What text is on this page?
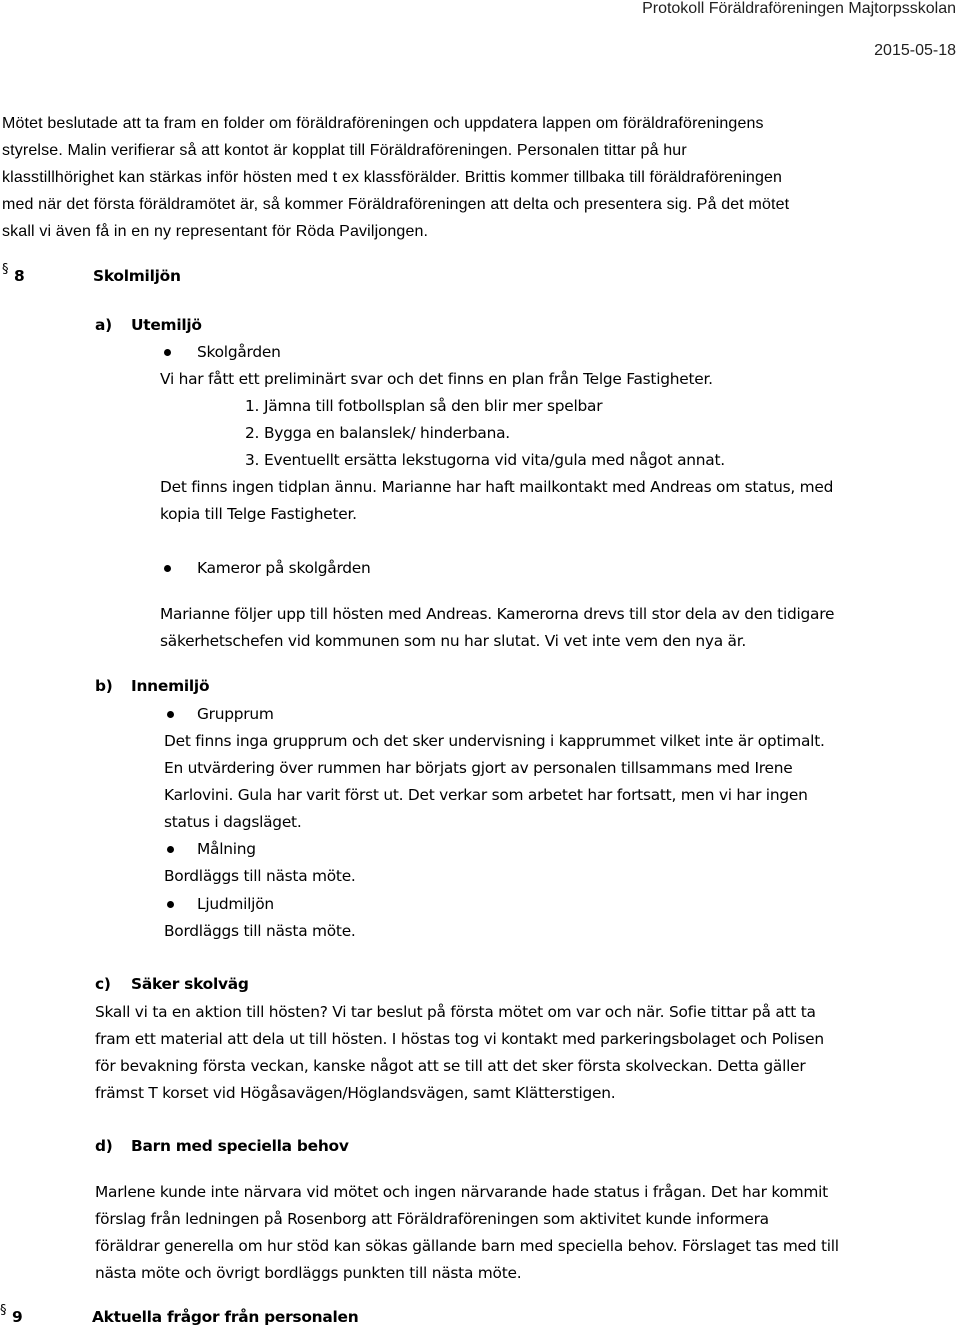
Protokoll Föräldraföreningen Majtorpsskolan
2015-05-18
Mötet beslutade att ta fram en folder om föräldraföreningen och uppdatera lappen om föräldraföreningens
styrelse. Malin verifierar så att kontot är kopplat till Föräldraföreningen. Personalen tittar på hur
klasstillhörighet kan stärkas inför hösten med t ex klassförälder. Brittis kommer tillbaka till föräldraföreningen
med när det första föräldramötet är, så kommer Föräldraföreningen att delta och presentera sig. På det mötet
skall vi även få in en ny representant för Röda Paviljongen.
§ 8	Skolmiljön
a) Utemiljö
Skolgården
Vi har fått ett preliminärt svar och det finns en plan från Telge Fastigheter.
1. Jämna till fotbollsplan så den blir mer spelbar
2. Bygga en balanslek/ hinderbana.
3. Eventuellt ersätta lekstugorna vid vita/gula med något annat.
Det finns ingen tidplan ännu. Marianne har haft mailkontakt med Andreas om status, med
kopia till Telge Fastigheter.
Kameror på skolgården
Marianne följer upp till hösten med Andreas. Kamerorna drevs till stor dela av den tidigare
säkerhetschefen vid kommunen som nu har slutat. Vi vet inte vem den nya är.
b) Innemiljö
Grupprum
Det finns inga grupprum och det sker undervisning i kapprummet vilket inte är optimalt.
En utvärdering över rummen har börjats gjort av personalen tillsammans med Irene
Karlovini. Gula har varit först ut. Det verkar som arbetet har fortsatt, men vi har ingen
status i dagsläget.
Målning
Bordläggs till nästa möte.
Ljudmiljön
Bordläggs till nästa möte.
c) Säker skolväg
Skall vi ta en aktion till hösten? Vi tar beslut på första mötet om var och när. Sofie tittar på att ta
fram ett material att dela ut till hösten. I höstas tog vi kontakt med parkeringsbolaget och Polisen
för bevakning första veckan, kanske något att se till att det sker första skolveckan. Detta gäller
främst T korset vid Högåsavägen/Höglandsvägen, samt Klätterstigen.
d) Barn med speciella behov
Marlene kunde inte närvara vid mötet och ingen närvarande hade status i frågan. Det har kommit
förslag från ledningen på Rosenborg att Föräldraföreningen som aktivitet kunde informera
föräldrar generella om hur stöd kan sökas gällande barn med speciella behov. Förslaget tas med till
nästa möte och övrigt bordläggs punkten till nästa möte.
§ 9	Aktuella frågor från personalen
